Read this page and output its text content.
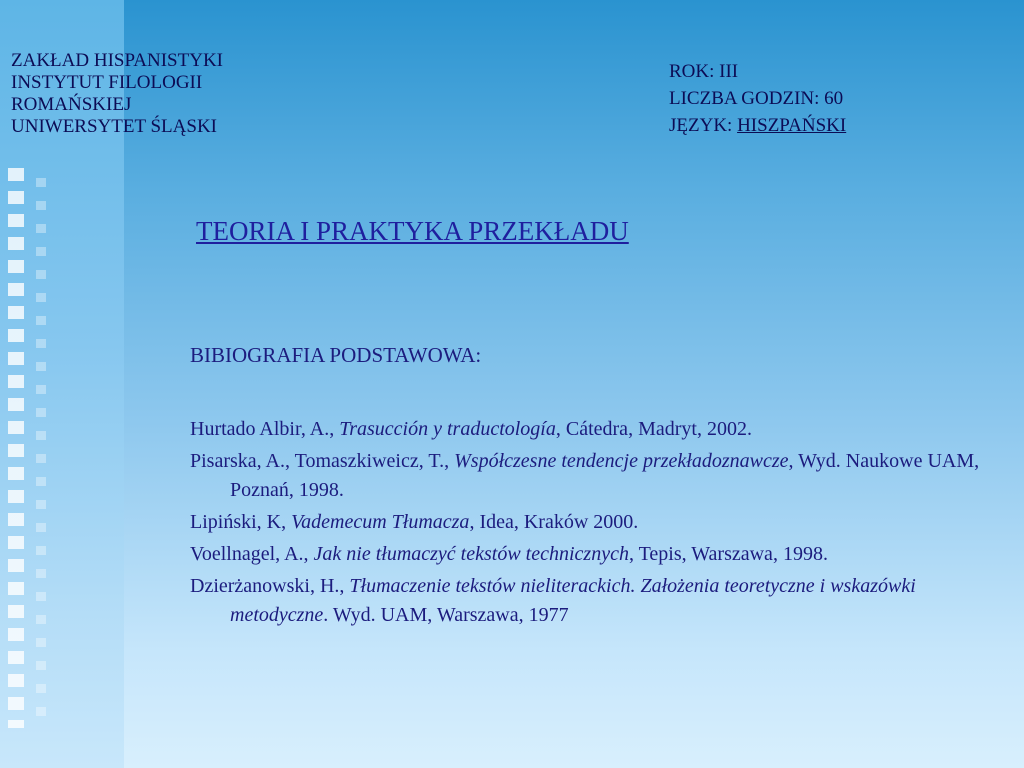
ZAKŁAD HISPANISTYKI
INSTYTUT FILOLOGII
ROMAŃSKIEJ
UNIWERSYTET ŚLĄSKI
ROK: III
LICZBA GODZIN: 60
JĘZYK: HISZPAŃSKI
TEORIA I PRAKTYKA PRZEKŁADU
BIBIOGRAFIA PODSTAWOWA:
Hurtado Albir, A., Trasucción y traductología, Cátedra, Madryt, 2002.
Pisarska, A., Tomaszkiweicz, T., Współczesne tendencje przekładoznawcze, Wyd. Naukowe UAM, Poznań, 1998.
Lipiński, K, Vademecum Tłumacza, Idea, Kraków 2000.
Voellnagel, A., Jak nie tłumaczyć tekstów technicznych, Tepis, Warszawa, 1998.
Dzierżanowski, H., Tłumaczenie tekstów nieliterackich. Założenia teoretyczne i wskazówki metodyczne. Wyd. UAM, Warszawa, 1977
